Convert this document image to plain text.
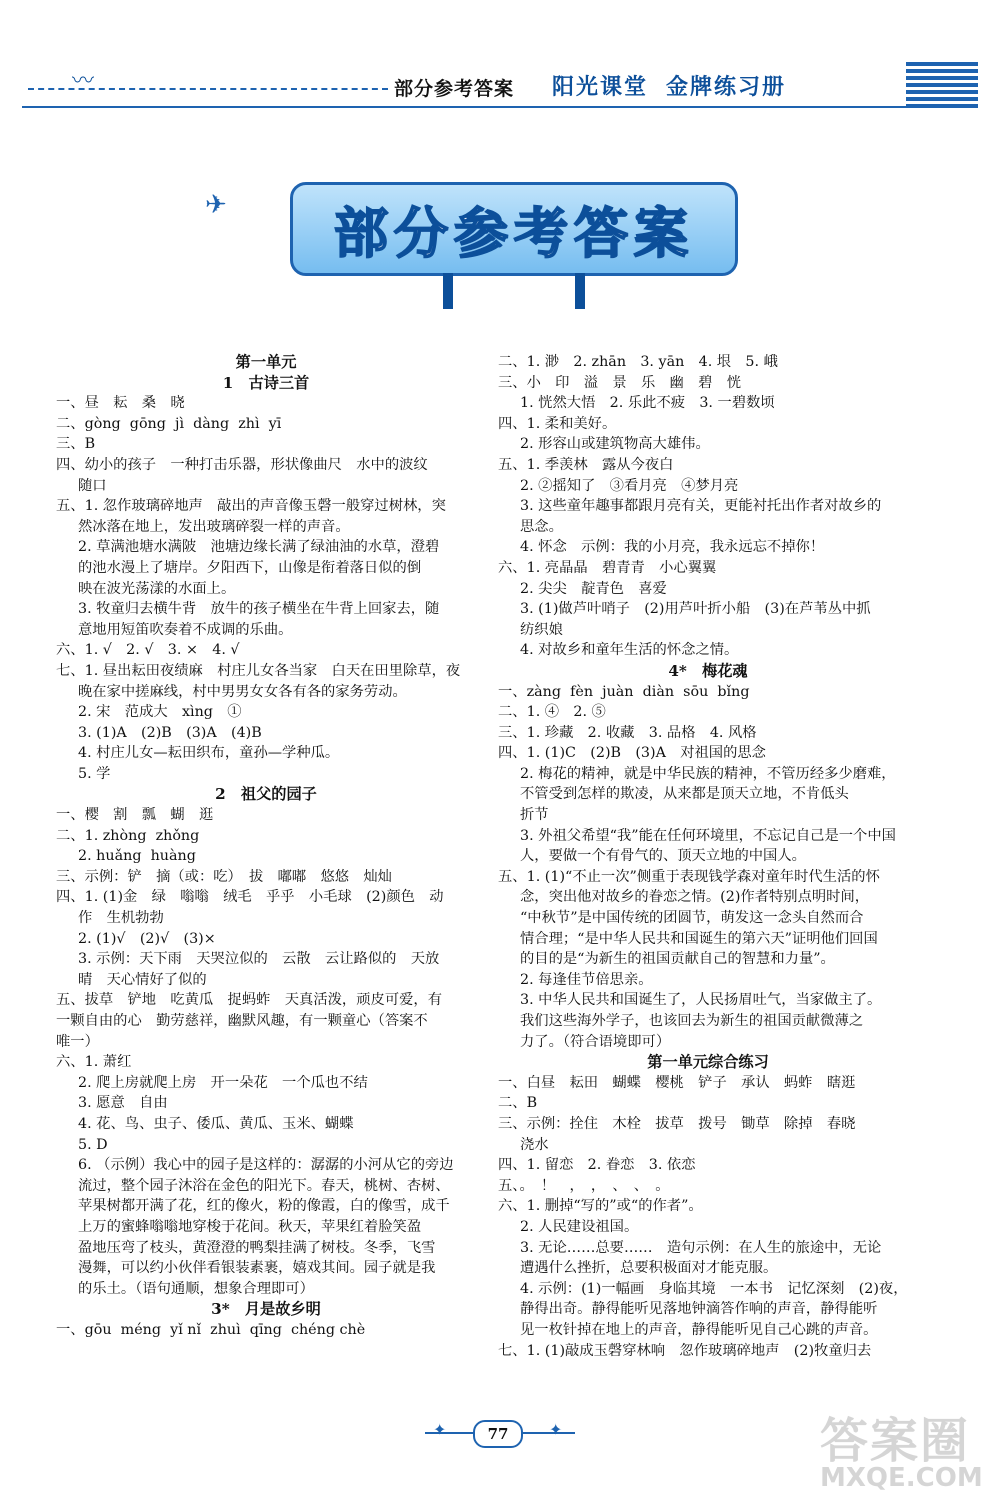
〰	部分参考答案 阳光课堂 金牌练习册
✈	部分参考答案
第一单元
1　古诗三首
一、昼　耘　桑　晓
二、gòng  gōng  jì  dàng  zhì  yī
三、B
四、幼小的孩子　一种打击乐器，形状像曲尺　水中的波纹
随口
五、1. 忽作玻璃碎地声　敲出的声音像玉磬一般穿过树林，突
然冰落在地上，发出玻璃碎裂一样的声音。
2. 草满池塘水满陂　池塘边缘长满了绿油油的水草，澄碧
的池水漫上了塘岸。夕阳西下，山像是衔着落日似的倒
映在波光荡漾的水面上。
3. 牧童归去横牛背　放牛的孩子横坐在牛背上回家去，随
意地用短笛吹奏着不成调的乐曲。
六、1. √　2. √　3. ×　4. √
七、1. 昼出耘田夜绩麻　村庄儿女各当家　白天在田里除草，夜
晚在家中搓麻线，村中男男女女各有各的家务劳动。
2. 宋　范成大　xìng　①
3. (1)A　(2)B　(3)A　(4)B
4. 村庄儿女—耘田织布，童孙—学种瓜。
5. 学
2　祖父的园子
一、樱　割　瓢　蝴　逛
二、1. zhòng  zhǒng
2. huǎng  huàng
三、示例：铲　摘（或：吃）　拔　嘟嘟　悠悠　灿灿
四、1. (1)金　绿　嗡嗡　绒毛　乎乎　小毛球　(2)颜色　动
作　生机勃勃
2. (1)√　(2)√　(3)×
3. 示例：天下雨　天哭泣似的　云散　云让路似的　天放
晴　天心情好了似的
五、拔草　铲地　吃黄瓜　捉蚂蚱　天真活泼，顽皮可爱，有
一颗自由的心　勤劳慈祥，幽默风趣，有一颗童心（答案不
唯一）
六、1. 萧红
2. 爬上房就爬上房　开一朵花　一个瓜也不结
3. 愿意　自由
4. 花、鸟、虫子、倭瓜、黄瓜、玉米、蝴蝶
5. D
6. （示例）我心中的园子是这样的：潺潺的小河从它的旁边
流过，整个园子沐浴在金色的阳光下。春天，桃树、杏树、
苹果树都开满了花，红的像火，粉的像霞，白的像雪，成千
上万的蜜蜂嗡嗡地穿梭于花间。秋天，苹果红着脸笑盈
盈地压弯了枝头，黄澄澄的鸭梨挂满了树枝。冬季，飞雪
漫舞，可以约小伙伴看银装素裹，嬉戏其间。园子就是我
的乐土。（语句通顺，想象合理即可）
3*　月是故乡明
一、gōu  méng  yǐ nǐ  zhuì  qīng  chéng chè
二、1. 渺　2. zhān　3. yān　4. 垠　5. 峨
三、小　印　溢　景　乐　幽　碧　恍
1. 恍然大悟　2. 乐此不疲　3. 一碧数顷
四、1. 柔和美好。
2. 形容山或建筑物高大雄伟。
五、1. 季羡林　露从今夜白
2. ②摇知了　③看月亮　④梦月亮
3. 这些童年趣事都跟月亮有关，更能衬托出作者对故乡的
思念。
4. 怀念　示例：我的小月亮，我永远忘不掉你！
六、1. 亮晶晶　碧青青　小心翼翼
2. 尖尖　靛青色　喜爱
3. (1)做芦叶哨子　(2)用芦叶折小船　(3)在芦苇丛中抓
纺织娘
4. 对故乡和童年生活的怀念之情。
4*　梅花魂
一、zàng  fèn  juàn  diàn  sōu  bǐng
二、1. ④　2. ⑤
三、1. 珍藏　2. 收藏　3. 品格　4. 风格
四、1. (1)C　(2)B　(3)A　对祖国的思念
2. 梅花的精神，就是中华民族的精神，不管历经多少磨难，
不管受到怎样的欺凌，从来都是顶天立地，不肯低头
折节
3. 外祖父希望“我”能在任何环境里，不忘记自己是一个中国
人，要做一个有骨气的、顶天立地的中国人。
五、1. (1)“不止一次”侧重于表现钱学森对童年时代生活的怀
念，突出他对故乡的眷恋之情。(2)作者特别点明时间，
“中秋节”是中国传统的团圆节，萌发这一念头自然而合
情合理；“是中华人民共和国诞生的第六天”证明他们回国
的目的是“为新生的祖国贡献自己的智慧和力量”。
2. 每逢佳节倍思亲。
3. 中华人民共和国诞生了，人民扬眉吐气，当家做主了。
我们这些海外学子，也该回去为新生的祖国贡献微薄之
力了。（符合语境即可）
第一单元综合练习
一、白昼　耘田　蝴蝶　樱桃　铲子　承认　蚂蚱　瞎逛
二、B
三、示例：拴住　木栓　拔草　拨号　锄草　除掉　春晓
浇水
四、1. 留恋　2. 眷恋　3. 依恋
五、。　！　，　，　、　、　。
六、1. 删掉“写的”或“的作者”。
2. 人民建设祖国。
3. 无论……总要……　造句示例：在人生的旅途中，无论
遭遇什么挫折，总要积极面对才能克服。
4. 示例：(1)一幅画　身临其境　一本书　记忆深刻　(2)夜，
静得出奇。静得能听见落地钟滴答作响的声音，静得能听
见一枚针掉在地上的声音，静得能听见自己心跳的声音。
七、1. (1)敲成玉磬穿林响　忽作玻璃碎地声　(2)牧童归去
✦	77	✦	答案圈
MXQE.COM
